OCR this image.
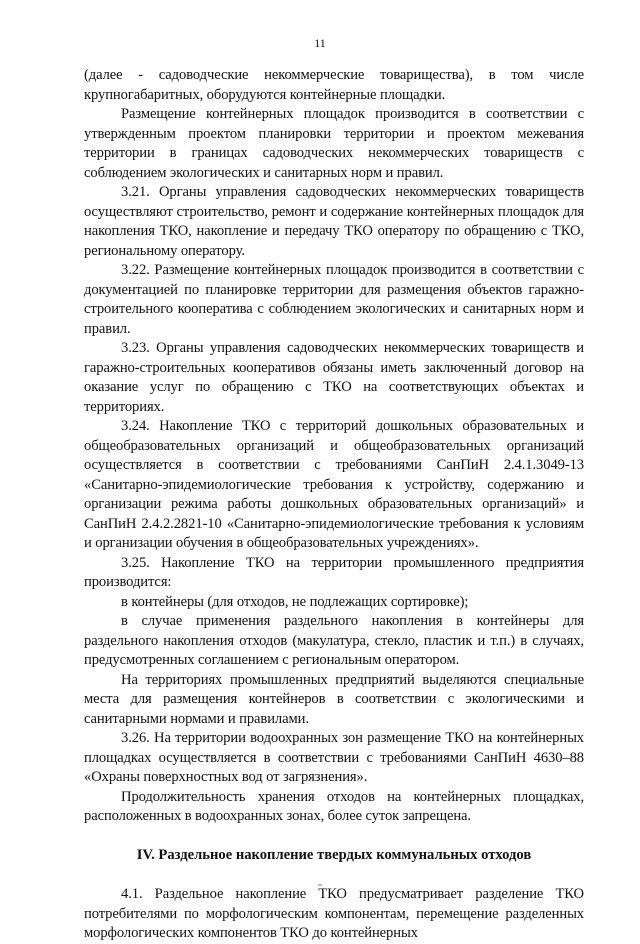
11

(далее - садоводческие некоммерческие товарищества), в том числе крупногабаритных, оборудуются контейнерные площадки.

Размещение контейнерных площадок производится в соответствии с утвержденным проектом планировки территории и проектом межевания территории в границах садоводческих некоммерческих товариществ с соблюдением экологических и санитарных норм и правил.

3.21. Органы управления садоводческих некоммерческих товариществ осуществляют строительство, ремонт и содержание контейнерных площадок для накопления ТКО, накопление и передачу ТКО оператору по обращению с ТКО, региональному оператору.

3.22. Размещение контейнерных площадок производится в соответствии с документацией по планировке территории для размещения объектов гаражно-строительного кооператива с соблюдением экологических и санитарных норм и правил.

3.23. Органы управления садоводческих некоммерческих товариществ и гаражно-строительных кооперативов обязаны иметь заключенный договор на оказание услуг по обращению с ТКО на соответствующих объектах и территориях.

3.24. Накопление ТКО с территорий дошкольных образовательных и общеобразовательных организаций и общеобразовательных организаций осуществляется в соответствии с требованиями СанПиН 2.4.1.3049-13 «Санитарно-эпидемиологические требования к устройству, содержанию и организации режима работы дошкольных образовательных организаций» и СанПиН 2.4.2.2821-10 «Санитарно-эпидемиологические требования к условиям и организации обучения в общеобразовательных учреждениях».

3.25. Накопление ТКО на территории промышленного предприятия производится:

в контейнеры (для отходов, не подлежащих сортировке);

в случае применения раздельного накопления в контейнеры для раздельного накопления отходов (макулатура, стекло, пластик и т.п.) в случаях, предусмотренных соглашением с региональным оператором.

На территориях промышленных предприятий выделяются специальные места для размещения контейнеров в соответствии с экологическими и санитарными нормами и правилами.

3.26. На территории водоохранных зон размещение ТКО на контейнерных площадках осуществляется в соответствии с требованиями СанПиН 4630–88 «Охраны поверхностных вод от загрязнения».

Продолжительность хранения отходов на контейнерных площадках, расположенных в водоохранных зонах, более суток запрещена.

IV. Раздельное накопление твердых коммунальных отходов

4.1. Раздельное накопление ТКО предусматривает разделение ТКО потребителями по морфологическим компонентам, перемещение разделенных морфологических компонентов ТКО до контейнерных
